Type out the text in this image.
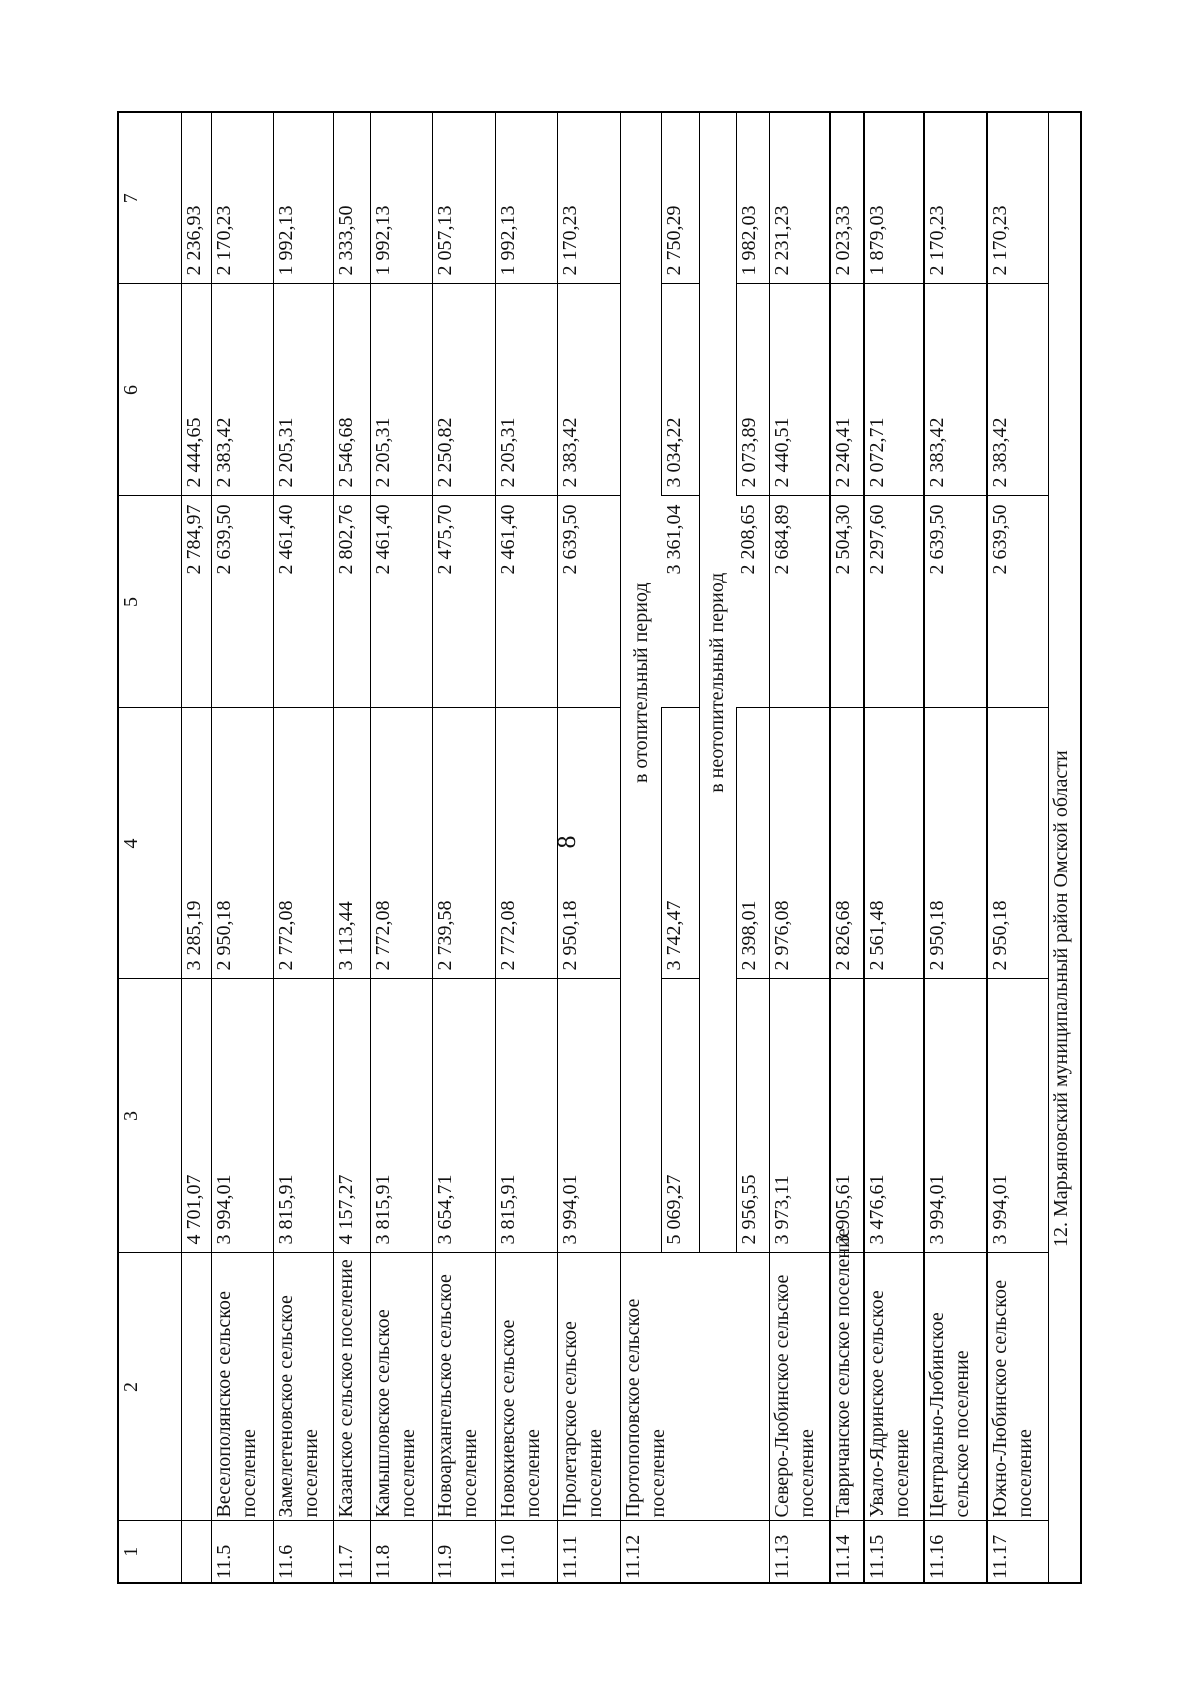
8
1	2	3	4	5	6	7
		4 701,07	3 285,19	2 784,97	2 444,65	2 236,93
11.5	Веселополянское сельское поселение	3 994,01	2 950,18	2 639,50	2 383,42	2 170,23
11.6	Замелетеновское сельское поселение	3 815,91	2 772,08	2 461,40	2 205,31	1 992,13
11.7	Казанское сельское поселение	4 157,27	3 113,44	2 802,76	2 546,68	2 333,50
11.8	Камышловское сельское поселение	3 815,91	2 772,08	2 461,40	2 205,31	1 992,13
11.9	Новоархангельское сельское поселение	3 654,71	2 739,58	2 475,70	2 250,82	2 057,13
11.10	Новокиевское сельское поселение	3 815,91	2 772,08	2 461,40	2 205,31	1 992,13
11.11	Пролетарское сельское поселение	3 994,01	2 950,18	2 639,50	2 383,42	2 170,23
11.12	Протопоповское сельское поселение	в отопительный период				
		5 069,27	3 742,47	3 361,04	3 034,22	2 750,29
		в неотопительный период				
		2 956,55	2 398,01	2 208,65	2 073,89	1 982,03
11.13	Северо-Любинское сельское поселение	3 973,11	2 976,08	2 684,89	2 440,51	2 231,23
11.14	Тавричанское сельское поселение	3 905,61	2 826,68	2 504,30	2 240,41	2 023,33
11.15	Увало-Ядринское сельское поселение	3 476,61	2 561,48	2 297,60	2 072,71	1 879,03
11.16	Центрально-Любинское сельское поселение	3 994,01	2 950,18	2 639,50	2 383,42	2 170,23
11.17	Южно-Любинское сельское поселение	3 994,01	2 950,18	2 639,50	2 383,42	2 170,23
		12. Марьяновский муниципальный район Омской области				
